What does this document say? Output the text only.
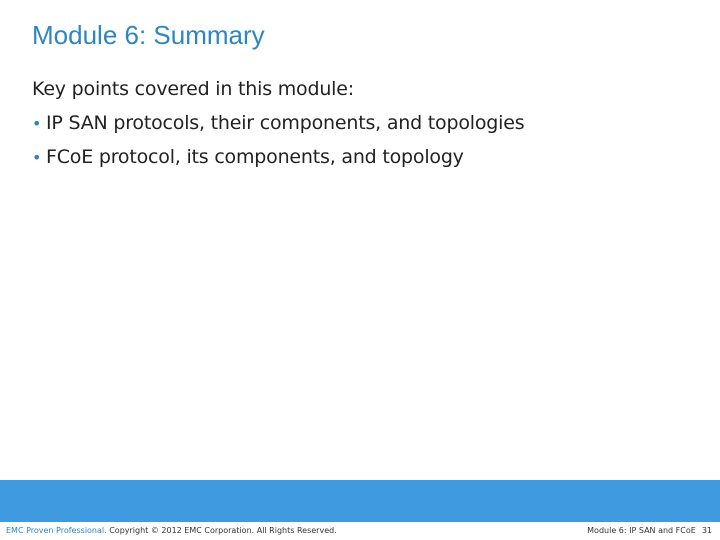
Module 6: Summary
Key points covered in this module:
• IP SAN protocols, their components, and topologies
• FCoE protocol, its components, and topology
EMC Proven Professional. Copyright © 2012 EMC Corporation. All Rights Reserved.	Module 6: IP SAN and FCoE 31
